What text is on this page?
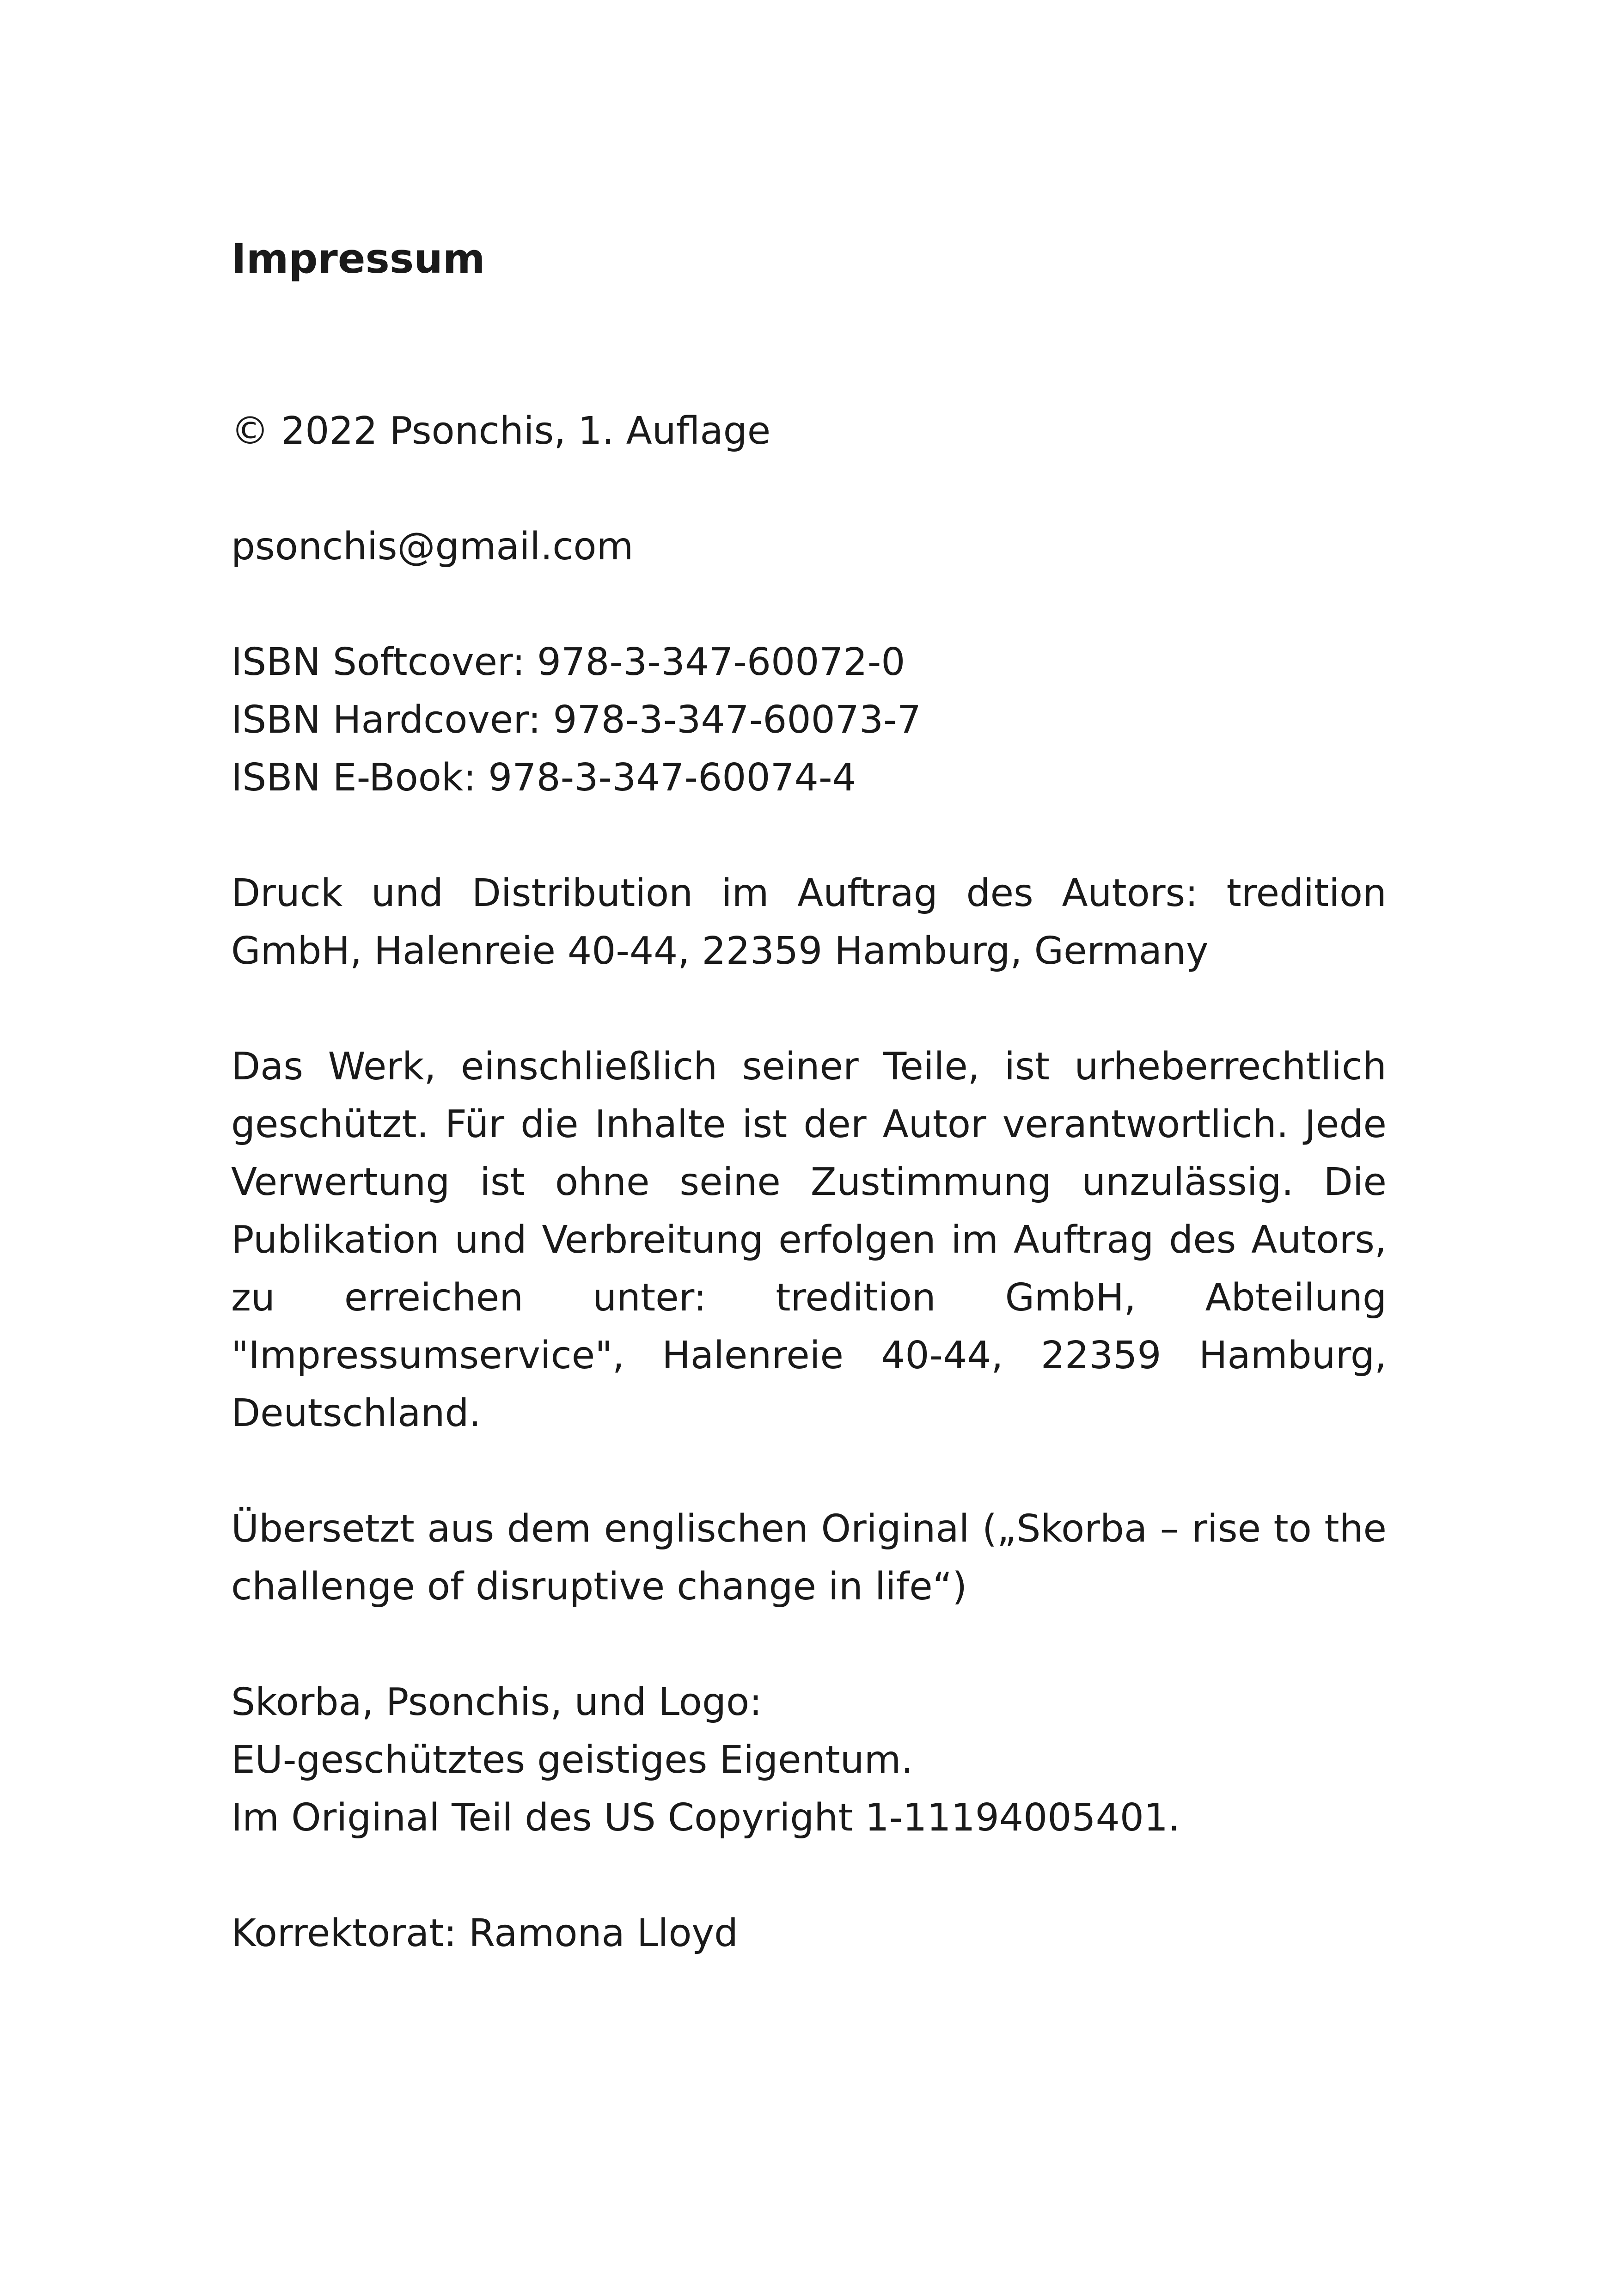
Impressum

© 2022 Psonchis, 1. Auflage

psonchis@gmail.com

ISBN Softcover: 978-3-347-60072-0
ISBN Hardcover: 978-3-347-60073-7
ISBN E-Book: 978-3-347-60074-4

Druck und Distribution im Auftrag des Autors: tredition GmbH, Halenreie 40-44, 22359 Hamburg, Germany

Das Werk, einschließlich seiner Teile, ist urheberrechtlich geschützt. Für die Inhalte ist der Autor verantwortlich. Jede Verwertung ist ohne seine Zustimmung unzulässig. Die Publikation und Verbreitung erfolgen im Auftrag des Autors, zu erreichen unter: tredition GmbH, Abteilung "Impressumservice", Halenreie 40-44, 22359 Hamburg, Deutschland.

Übersetzt aus dem englischen Original („Skorba – rise to the challenge of disruptive change in life“)

Skorba, Psonchis, und Logo:
EU-geschütztes geistiges Eigentum.
Im Original Teil des US Copyright 1-11194005401.

Korrektorat: Ramona Lloyd
